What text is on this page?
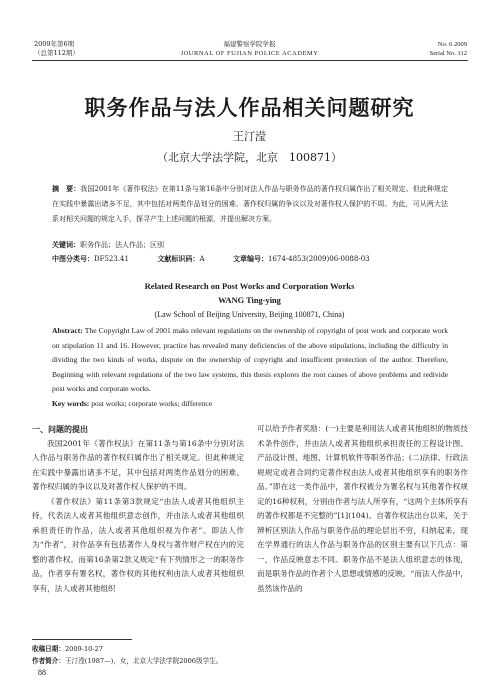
2009年第6期
（总第112期）
福建警察学院学报
JOURNAL OF FUJIAN POLICE ACADEMY
No. 6 2009
Serial No. 112
职务作品与法人作品相关问题研究
王汀滢
（北京大学法学院，北京　100871）
摘　要：我国2001年《著作权法》在第11条与第16条中分别对法人作品与职务作品的著作权归属作出了相关规定。但此种规定在实践中暴露出诸多不足，其中包括对两类作品划分的困难、著作权归属的争议以及对著作权人保护的不周。为此，可从两大法系对相关问题的规定入手，探寻产生上述问题的根源，并提出解决方案。
关键词：职务作品；法人作品；区别
中图分类号：DF523.41	文献标识码：A	文章编号：1674-4853(2009)06-0088-03
Related Research on Post Works and Corporation Works
WANG Ting-ying
(Law School of Beijing University, Beijing 100871, China)
Abstract: The Copyright Law of 2001 maks relevant regulations on the ownership of copyright of post work and corporate work on stipulation 11 and 16. However, practice has revealed many deficiencies of the above stipulations, including the difficulty in dividing the two kinds of works, dispute on the ownership of copyright and insufficent protection of the author. Therefore, Beginning with relevant regulations of the two law systems, this thesis explores the root causes of above problems and redivide post works and corporate works.
Key words: post works; corporate works; difference
一、问题的提出

我国2001年《著作权法》在第11条与第16条中分别对法人作品与职务作品的著作权归属作出了相关规定。但此种规定在实践中暴露出诸多不足，其中包括对两类作品划分的困难、著作权归属的争议以及对著作权人保护的不周。

《著作权法》第11条第3款规定“由法人或者其他组织主持，代表法人或者其他组织意志创作，并由法人或者其他组织承担责任的作品，法人或者其他组织视为作者”。即法人作为“作者”，对作品享有包括著作人身权与著作财产权在内的完整的著作权。而第16条第2款又规定“有下列情形之一的职务作品，作者享有署名权，著作权的其他权利由法人或者其他组织享有，法人或者其他组织

可以给予作者奖励：(一)主要是利用法人或者其他组织的物质技术条件创作，并由法人或者其他组织承担责任的工程设计图、产品设计图、地图、计算机软件等职务作品；(二)法律、行政法规规定或者合同约定著作权由法人或者其他组织享有的职务作品。”即在这一类作品中，著作权被分为署名权与其他著作权规定的16种权利，分别由作者与法人所享有，“这两个主体所享有的著作权都是不完整的”[1](104)。自著作权法出台以来，关于辨析区别法人作品与职务作品的理论层出不穷，归纳起来，现在学界通行的法人作品与职务作品的区别主要有以下几点：第一，作品反映意志不同。职务作品不是法人组织意志的体现，而是职务作品的作者个人思想或情感的反映。“而法人作品中，虽然该作品的

收稿日期：2009-10-27
作者简介：王汀滢(1987—)，女，北京大学法学院2006级学生。
88
